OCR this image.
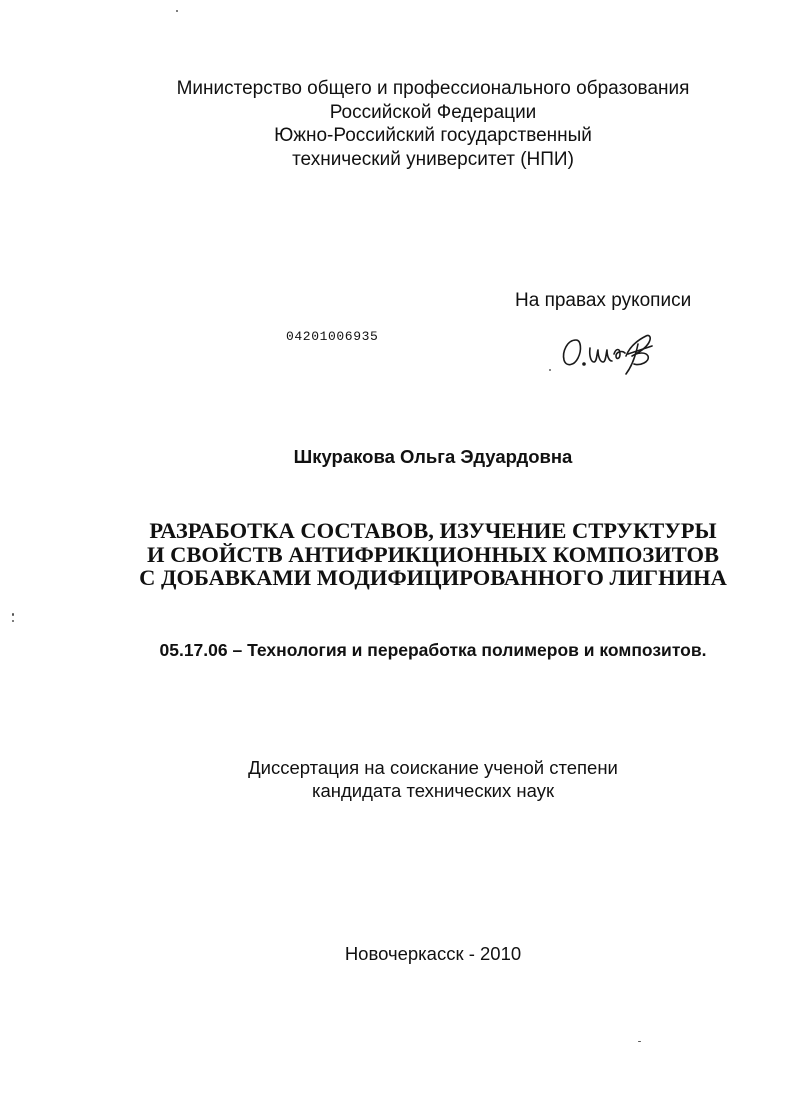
Министерство общего и профессионального образования
Российской Федерации
Южно-Российский государственный
технический университет (НПИ)
На правах рукописи
04201006935
Шкуракова Ольга Эдуардовна
РАЗРАБОТКА СОСТАВОВ, ИЗУЧЕНИЕ СТРУКТУРЫ
И СВОЙСТВ АНТИФРИКЦИОННЫХ КОМПОЗИТОВ
С ДОБАВКАМИ МОДИФИЦИРОВАННОГО ЛИГНИНА
05.17.06 – Технология и переработка полимеров и композитов.
Диссертация на соискание ученой степени
кандидата технических наук
Новочеркасск - 2010
